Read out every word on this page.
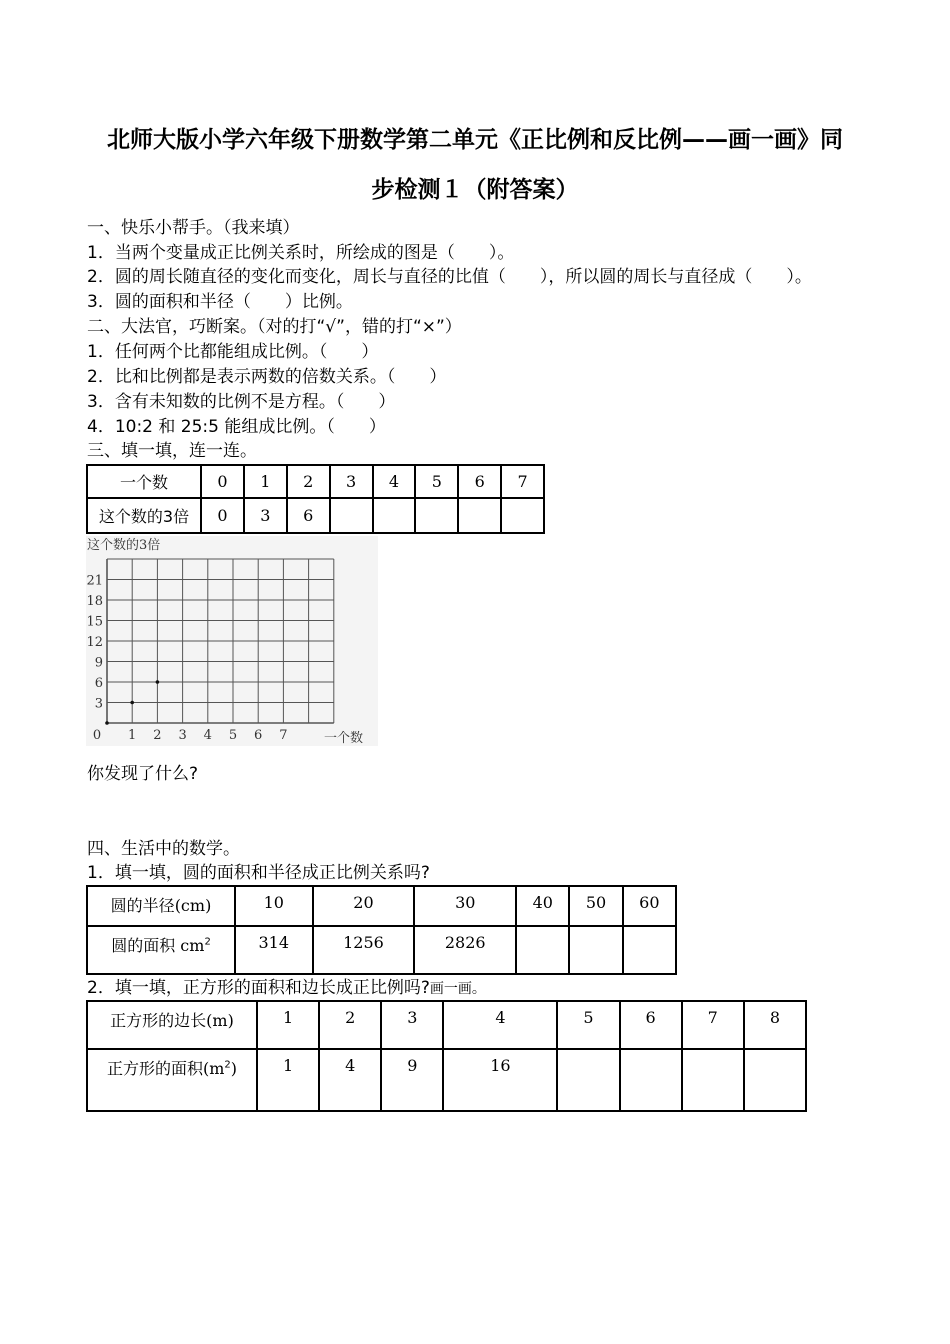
北师大版小学六年级下册数学第二单元《正比例和反比例——画一画》同
步检测１（附答案）
一、快乐小帮手。（我来填）
1．当两个变量成正比例关系时，所绘成的图是（　　）。
2．圆的周长随直径的变化而变化，周长与直径的比值（　　），所以圆的周长与直径成（　　）。
3．圆的面积和半径（　　）比例。
二、大法官，巧断案。（对的打“√”，错的打“×”）
1．任何两个比都能组成比例。（　　）
2．比和比例都是表示两数的倍数关系。（　　）
3．含有未知数的比例不是方程。（　　）
4．10:2 和 25:5 能组成比例。（　　）
三、填一填，连一连。
一个数	0	1	2	3	4	5	6	7
这个数的3倍	0	3	6					
这个数的3倍
一个数
3
6
9
12
15
18
21
0 1 2 3 4 5 6 7
你发现了什么?
四、生活中的数学。
1．填一填，圆的面积和半径成正比例关系吗?
圆的半径(cm)	10	20	30	40	50	60
圆的面积 $cm^2$	314	1256	2826			
2．填一填，正方形的面积和边长成正比例吗?画一画。
正方形的边长(m)	1	2	3	4	5	6	7	8
正方形的面积$(m^2)$	1	4	9	16				
